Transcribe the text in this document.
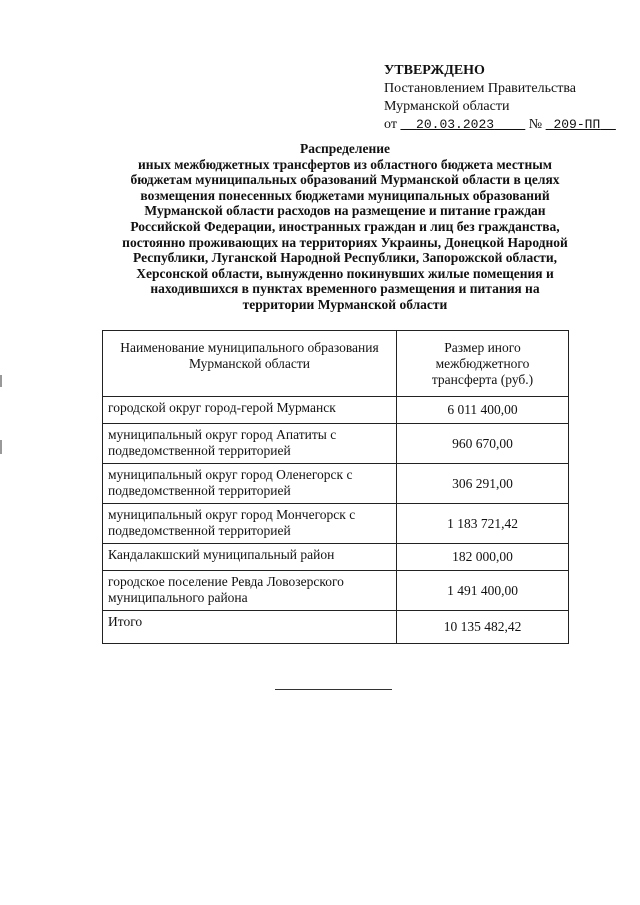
УТВЕРЖДЕНО
Постановлением Правительства
Мурманской области
от 20.03.2023 № 209-ПП
Распределение
иных межбюджетных трансфертов из областного бюджета местным
бюджетам муниципальных образований Мурманской области в целях
возмещения понесенных бюджетами муниципальных образований
Мурманской области расходов на размещение и питание граждан
Российской Федерации, иностранных граждан и лиц без гражданства,
постоянно проживающих на территориях Украины, Донецкой Народной
Республики, Луганской Народной Республики, Запорожской области,
Херсонской области, вынужденно покинувших жилые помещения и
находившихся в пунктах временного размещения и питания на
территории Мурманской области
Наименование муниципального образования Мурманской области	Размер иного межбюджетного трансферта (руб.)
городской округ город-герой Мурманск	6 011 400,00
муниципальный округ город Апатиты с подведомственной территорией	960 670,00
муниципальный округ город Оленегорск с подведомственной территорией	306 291,00
муниципальный округ город Мончегорск с подведомственной территорией	1 183 721,42
Кандалакшский муниципальный район	182 000,00
городское поселение Ревда Ловозерского муниципального района	1 491 400,00
Итого	10 135 482,42
